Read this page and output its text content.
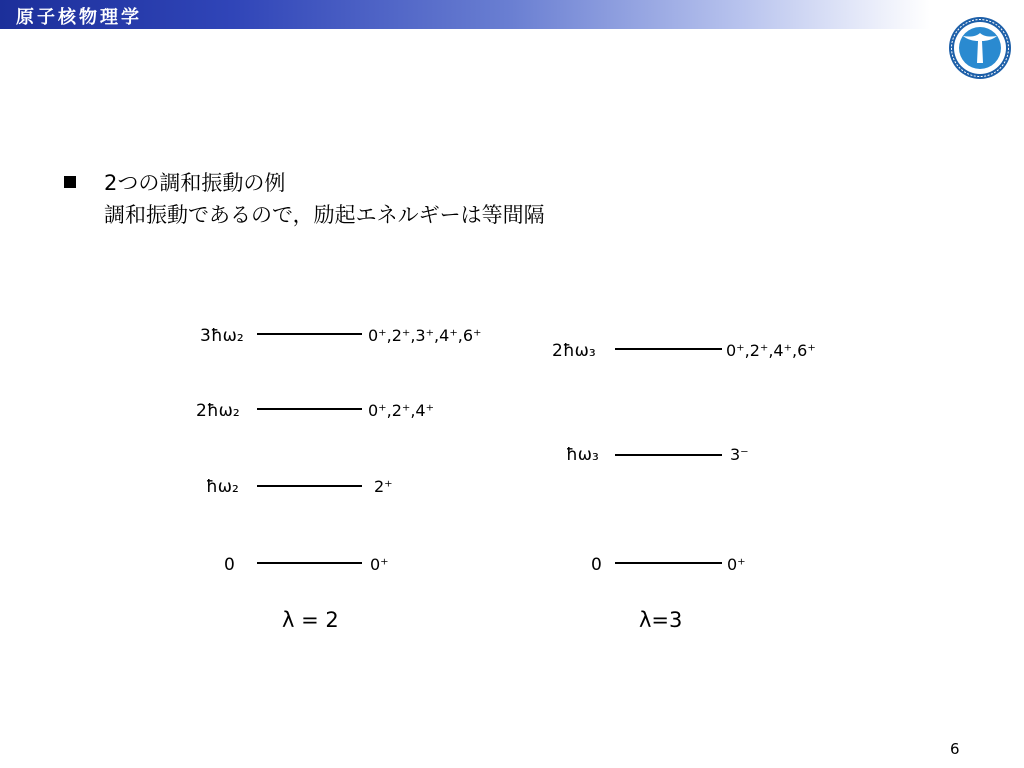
原子核物理学
2つの調和振動の例
調和振動であるので，励起エネルギーは等間隔
3ħω₂	0⁺,2⁺,3⁺,4⁺,6⁺
2ħω₂	0⁺,2⁺,4⁺
ħω₂	2⁺
0	0⁺
λ = 2
2ħω₃	0⁺,2⁺,4⁺,6⁺
ħω₃	3⁻
0	0⁺
λ=3
6
